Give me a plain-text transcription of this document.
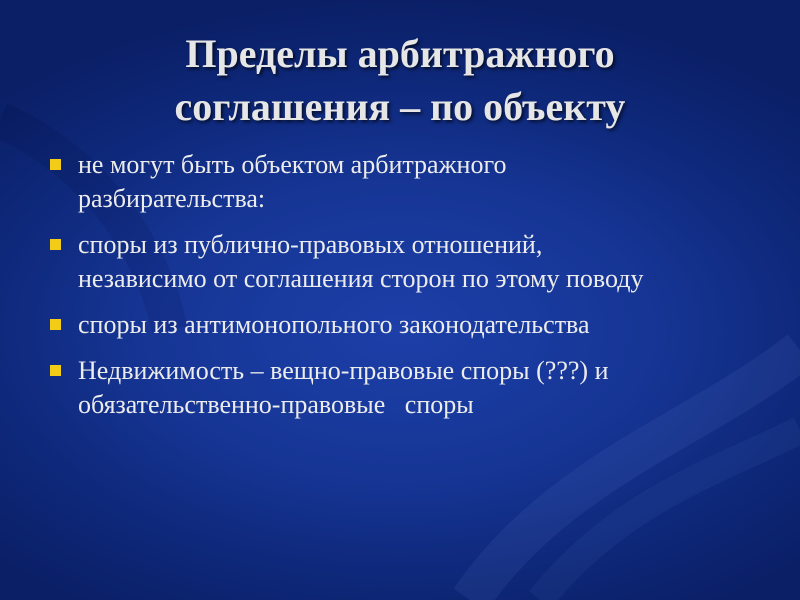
Пределы арбитражного
соглашения – по объекту
не могут быть объектом арбитражного
разбирательства:
споры из публично-правовых отношений,
независимо от соглашения сторон по этому поводу
споры из антимонопольного законодательства
Недвижимость – вещно-правовые споры (???) и
обязательственно-правовые   споры
